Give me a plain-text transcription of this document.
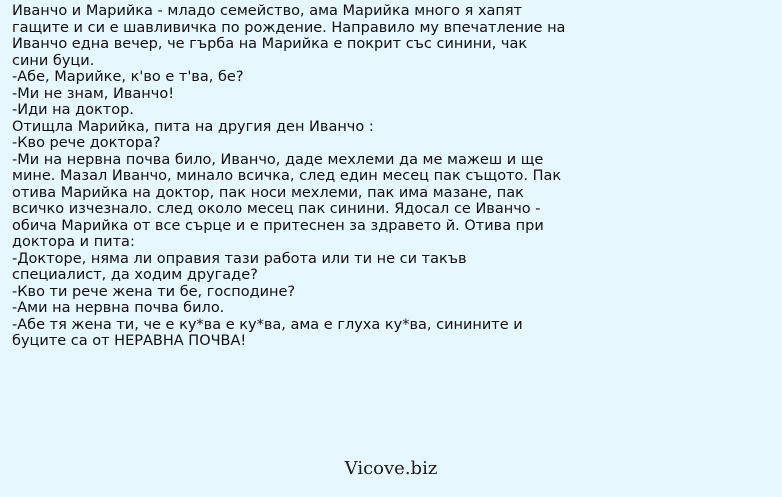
Иванчо и Марийка - младо семейство, ама Марийка много я хапят
гащите и си е шавливичка по рождение. Направило му впечатление на
Иванчо една вечер, че гърба на Марийка е покрит със синини, чак
сини буци.
-Абе, Марийке, к'во е т'ва, бе?
-Ми не знам, Иванчо!
-Иди на доктор.
Отищла Марийка, пита на другия ден Иванчо :
-Кво рече доктора?
-Ми на нервна почва било, Иванчо, даде мехлеми да ме мажеш и ще
мине. Мазал Иванчо, минало всичка, след един месец пак същото. Пак
отива Марийка на доктор, пак носи мехлеми, пак има мазане, пак
всичко изчезнало. след около месец пак синини. Ядосал се Иванчо -
обича Марийка от все сърце и е притеснен за здравето й. Отива при
доктора и пита:
-Докторе, няма ли оправия тази работа или ти не си такъв
специалист, да ходим другаде?
-Кво ти рече жена ти бе, господине?
-Ами на нервна почва било.
-Абе тя жена ти, че е ку*ва е ку*ва, ама е глуха ку*ва, синините и
буците са от НЕРАВНА ПОЧВА!
Vicove.biz
